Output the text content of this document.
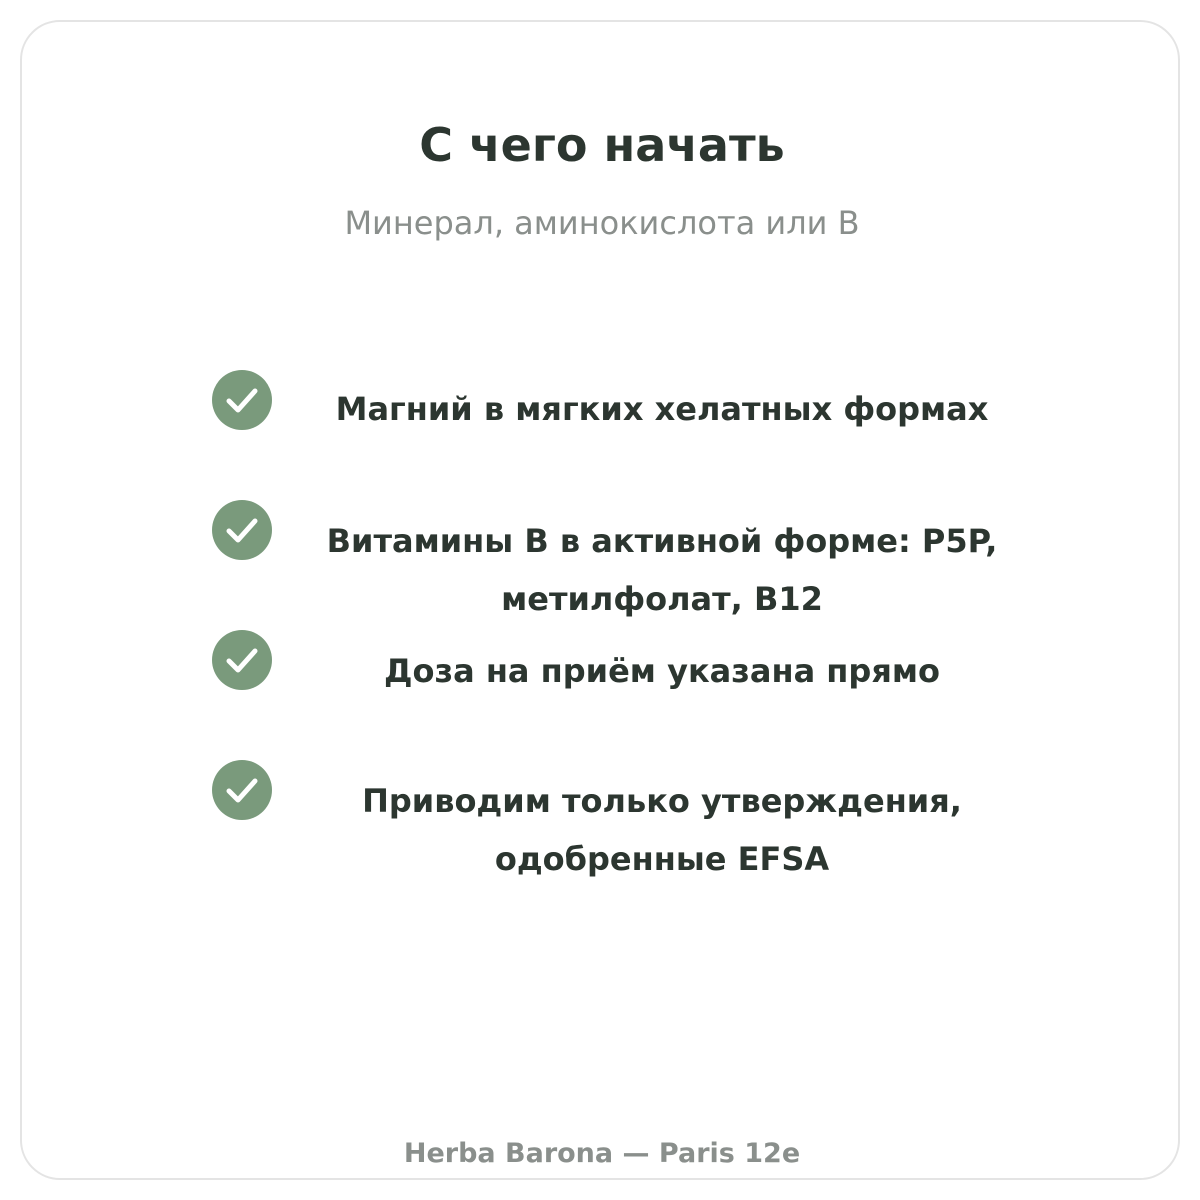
С чего начать

Минерал, аминокислота или B

Магний в мягких хелатных формах
Витамины B в активной форме: P5P, метилфолат, B12
Доза на приём указана прямо
Приводим только утверждения, одобренные EFSA
Herba Barona — Paris 12e
